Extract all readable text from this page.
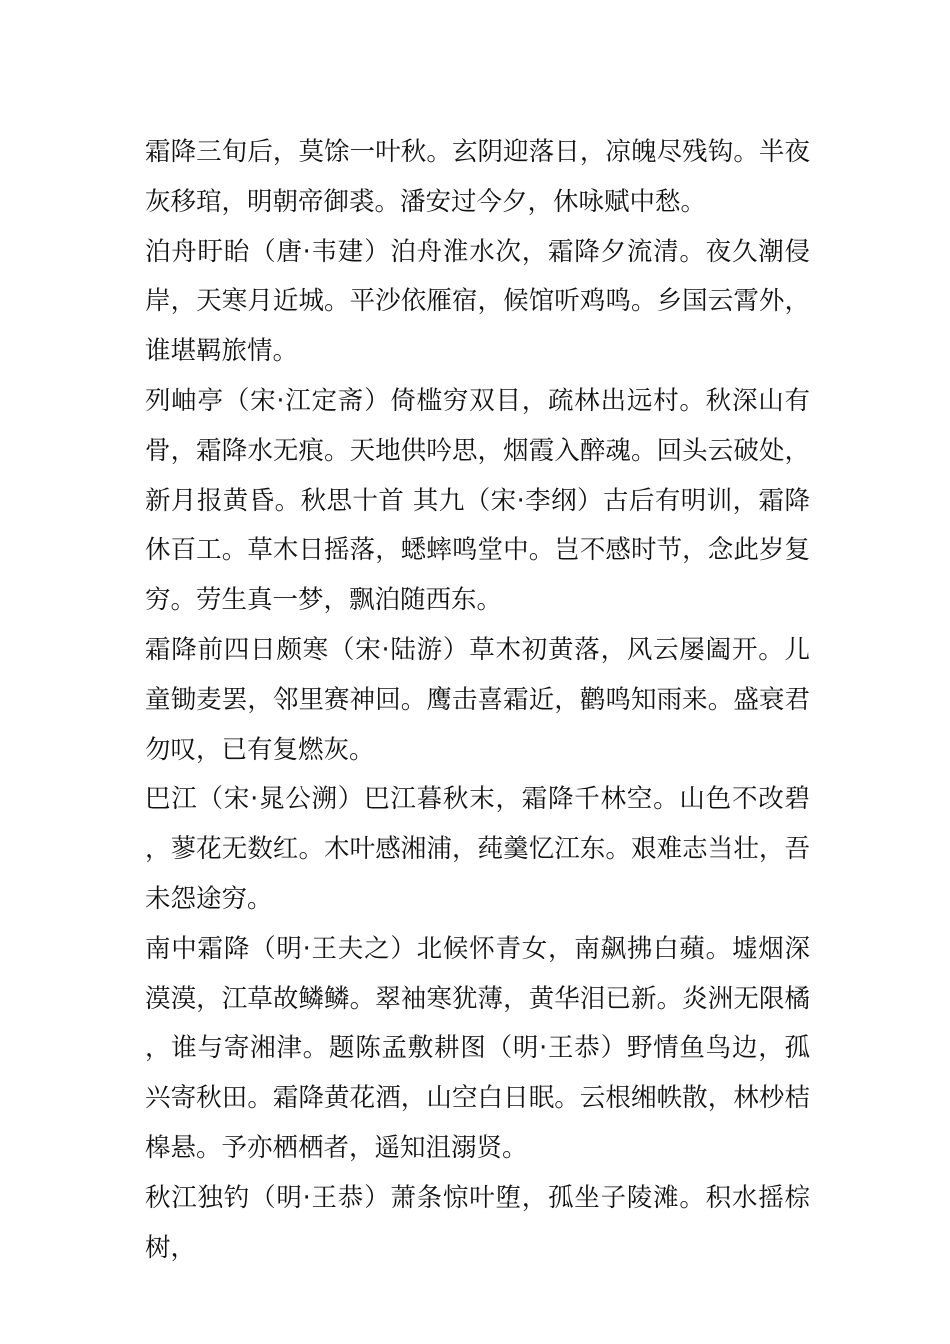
霜降三旬后，莫馀一叶秋。玄阴迎落日，凉魄尽残钩。半夜灰移琯，明朝帝御裘。潘安过今夕，休咏赋中愁。

泊舟盱眙（唐·韦建）泊舟淮水次，霜降夕流清。夜久潮侵岸，天寒月近城。平沙依雁宿，候馆听鸡鸣。乡国云霄外，谁堪羁旅情。

列岫亭（宋·江定斋）倚槛穷双目，疏林出远村。秋深山有骨，霜降水无痕。天地供吟思，烟霞入醉魂。回头云破处，新月报黄昏。秋思十首 其九（宋·李纲）古后有明训，霜降休百工。草木日摇落，蟋蟀鸣堂中。岂不感时节，念此岁复穷。劳生真一梦，飘泊随西东。

霜降前四日颇寒（宋·陆游）草木初黄落，风云屡阖开。儿童锄麦罢，邻里赛神回。鹰击喜霜近，鹳鸣知雨来。盛衰君勿叹，已有复燃灰。

巴江（宋·晁公溯）巴江暮秋末，霜降千林空。山色不改碧，蓼花无数红。木叶感湘浦，莼羹忆江东。艰难志当壮，吾未怨途穷。

南中霜降（明·王夫之）北候怀青女，南飙拂白蘋。墟烟深漠漠，江草故鳞鳞。翠袖寒犹薄，黄华泪已新。炎洲无限橘，谁与寄湘津。题陈孟敷耕图（明·王恭）野情鱼鸟边，孤兴寄秋田。霜降黄花酒，山空白日眠。云根缃帙散，林杪桔槔悬。予亦栖栖者，遥知沮溺贤。

秋江独钓（明·王恭）萧条惊叶堕，孤坐子陵滩。积水摇棕树，
